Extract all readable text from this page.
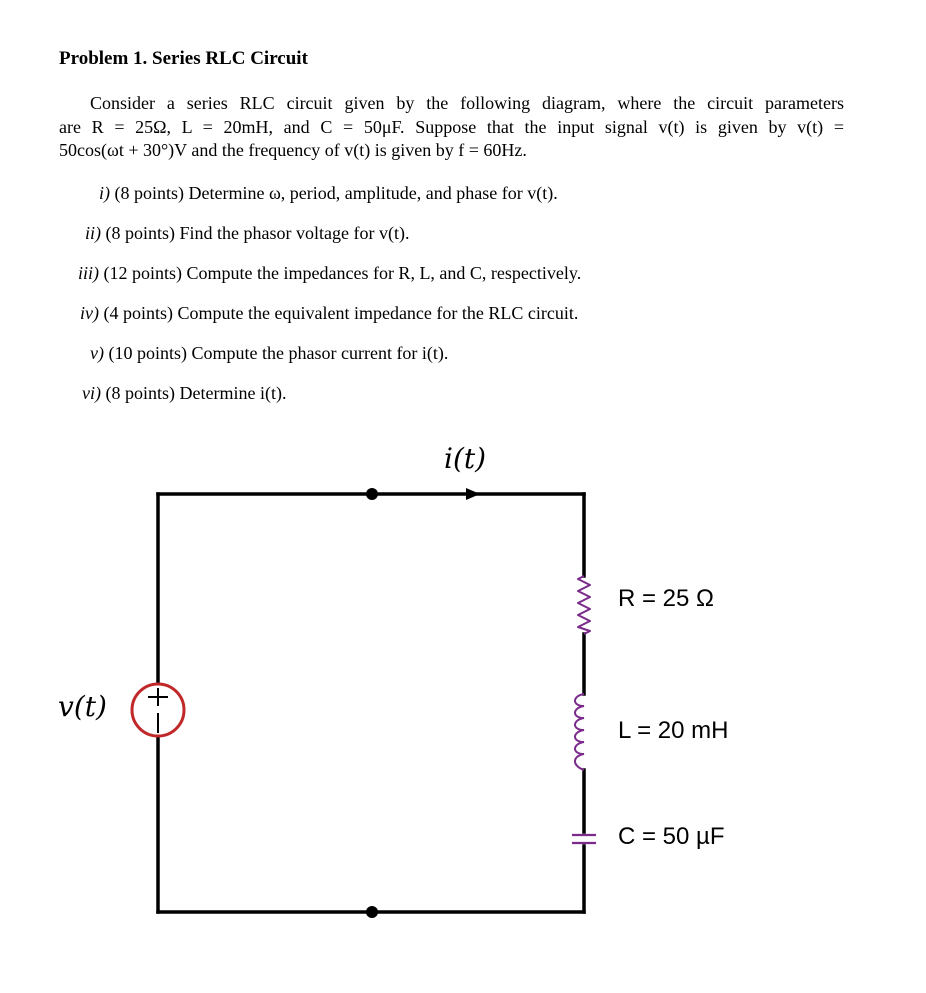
Problem 1. Series RLC Circuit
Consider a series RLC circuit given by the following diagram, where the circuit parameters
are R = 25Ω, L = 20mH, and C = 50μF. Suppose that the input signal v(t) is given by v(t) =
50cos(ωt + 30°)V and the frequency of v(t) is given by f = 60Hz.
i) (8 points) Determine ω, period, amplitude, and phase for v(t).
ii) (8 points) Find the phasor voltage for v(t).
iii) (12 points) Compute the impedances for R, L, and C, respectively.
iv) (4 points) Compute the equivalent impedance for the RLC circuit.
v) (10 points) Compute the phasor current for i(t).
vi) (8 points) Determine i(t).
i(t)
v(t)
R = 25 Ω
L = 20 mH
C = 50 µF
